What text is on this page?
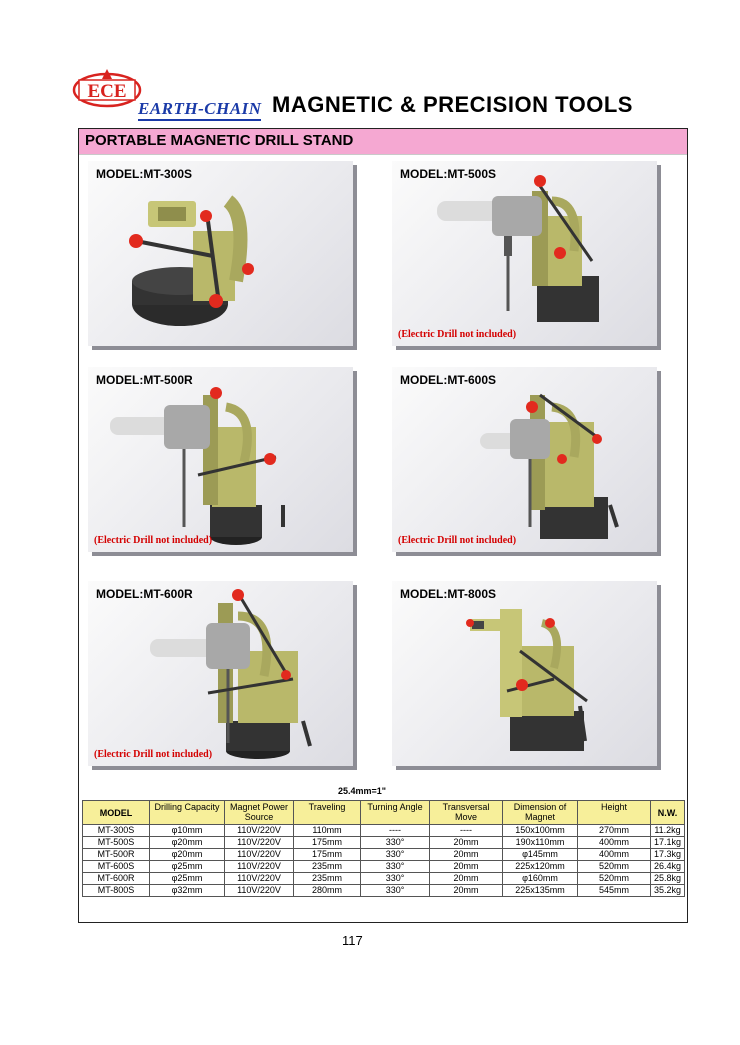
ECE
EARTH-CHAIN MAGNETIC & PRECISION TOOLS
PORTABLE MAGNETIC DRILL STAND
MODEL:MT-300S	MODEL:MT-500S
(Electric Drill not included)
MODEL:MT-500R
(Electric Drill not included)
MODEL:MT-600S
(Electric Drill not included)
MODEL:MT-600R
(Electric Drill not included)
MODEL:MT-800S
25.4mm=1"
MODEL	Drilling Capacity	Magnet Power Source	Traveling	Turning Angle	Transversal Move	Dimension of Magnet	Height	N.W.
MT-300S	φ10mm	110V/220V	110mm	----	----	150x100mm	270mm	11.2kg
MT-500S	φ20mm	110V/220V	175mm	330°	20mm	190x110mm	400mm	17.1kg
MT-500R	φ20mm	110V/220V	175mm	330°	20mm	φ145mm	400mm	17.3kg
MT-600S	φ25mm	110V/220V	235mm	330°	20mm	225x120mm	520mm	26.4kg
MT-600R	φ25mm	110V/220V	235mm	330°	20mm	φ160mm	520mm	25.8kg
MT-800S	φ32mm	110V/220V	280mm	330°	20mm	225x135mm	545mm	35.2kg
117
